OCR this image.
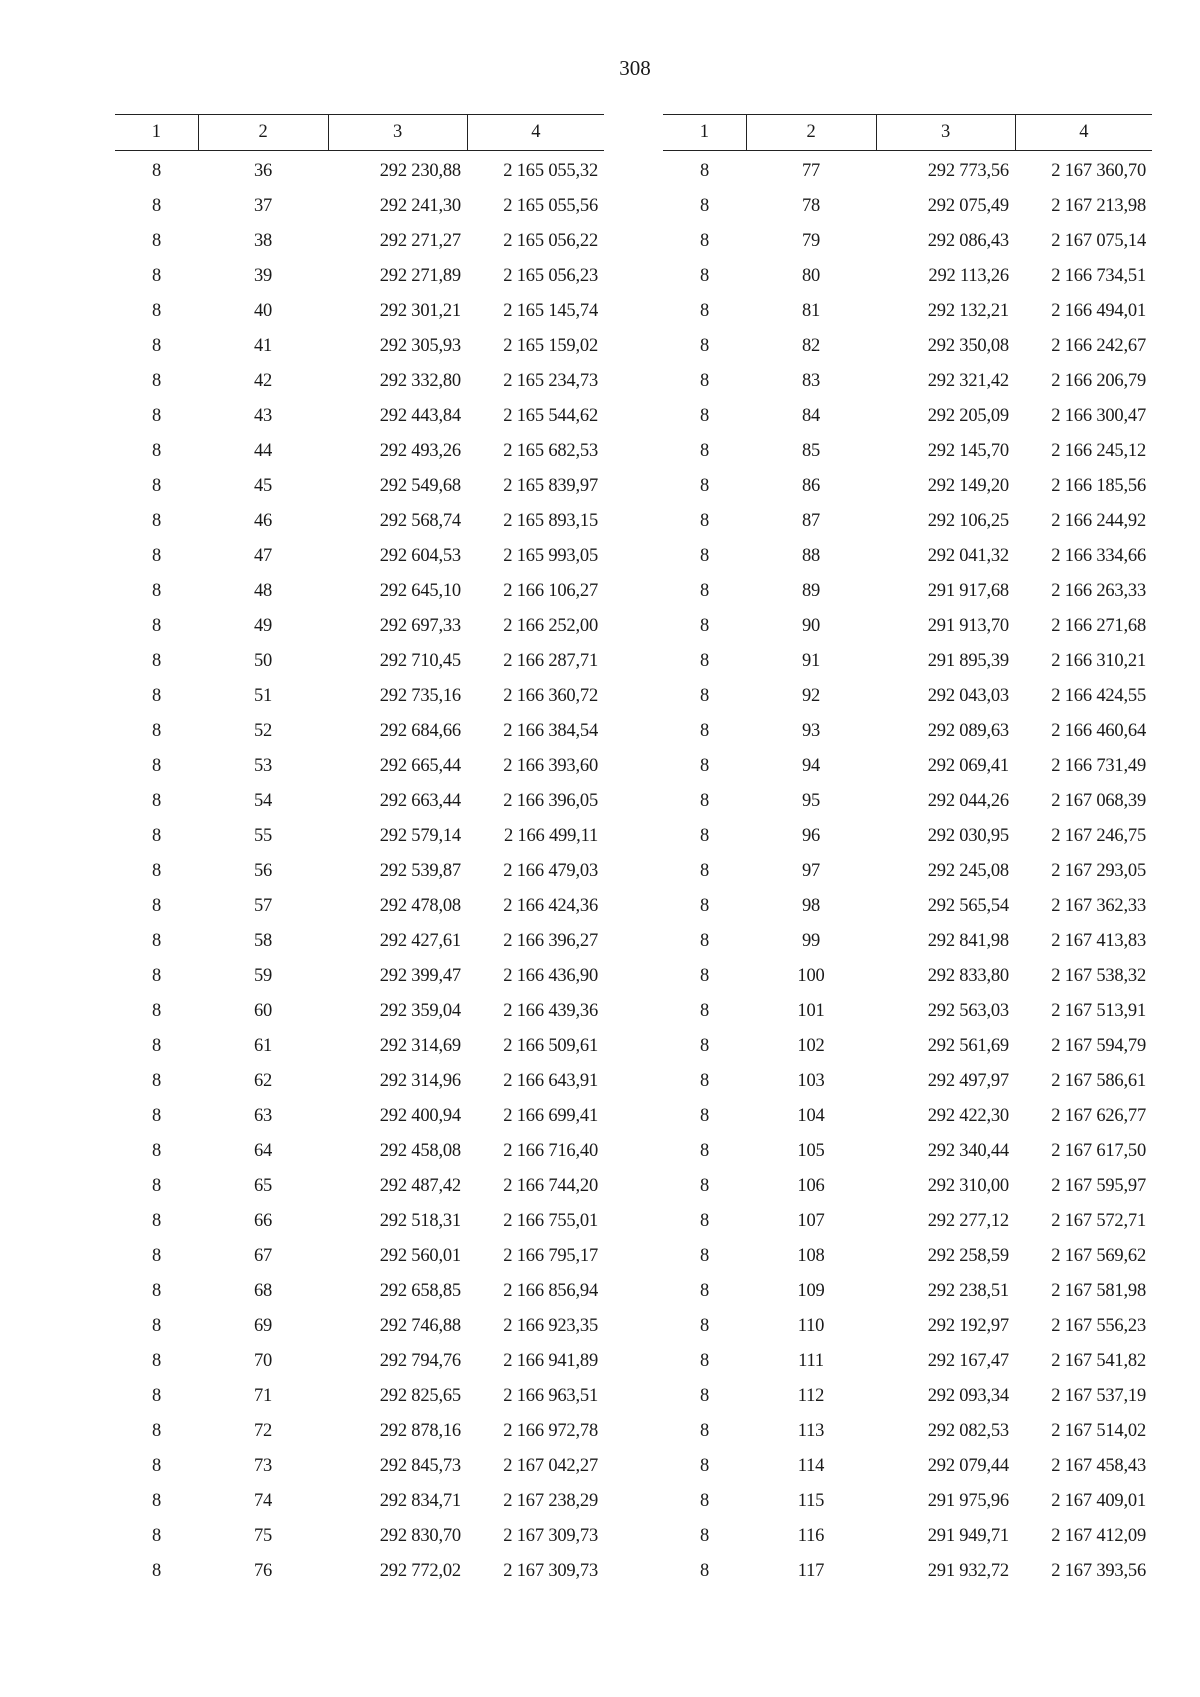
308
1	2	3	4
8	36	292 230,88	2 165 055,32
8	37	292 241,30	2 165 055,56
8	38	292 271,27	2 165 056,22
8	39	292 271,89	2 165 056,23
8	40	292 301,21	2 165 145,74
8	41	292 305,93	2 165 159,02
8	42	292 332,80	2 165 234,73
8	43	292 443,84	2 165 544,62
8	44	292 493,26	2 165 682,53
8	45	292 549,68	2 165 839,97
8	46	292 568,74	2 165 893,15
8	47	292 604,53	2 165 993,05
8	48	292 645,10	2 166 106,27
8	49	292 697,33	2 166 252,00
8	50	292 710,45	2 166 287,71
8	51	292 735,16	2 166 360,72
8	52	292 684,66	2 166 384,54
8	53	292 665,44	2 166 393,60
8	54	292 663,44	2 166 396,05
8	55	292 579,14	2 166 499,11
8	56	292 539,87	2 166 479,03
8	57	292 478,08	2 166 424,36
8	58	292 427,61	2 166 396,27
8	59	292 399,47	2 166 436,90
8	60	292 359,04	2 166 439,36
8	61	292 314,69	2 166 509,61
8	62	292 314,96	2 166 643,91
8	63	292 400,94	2 166 699,41
8	64	292 458,08	2 166 716,40
8	65	292 487,42	2 166 744,20
8	66	292 518,31	2 166 755,01
8	67	292 560,01	2 166 795,17
8	68	292 658,85	2 166 856,94
8	69	292 746,88	2 166 923,35
8	70	292 794,76	2 166 941,89
8	71	292 825,65	2 166 963,51
8	72	292 878,16	2 166 972,78
8	73	292 845,73	2 167 042,27
8	74	292 834,71	2 167 238,29
8	75	292 830,70	2 167 309,73
8	76	292 772,02	2 167 309,73
1	2	3	4
8	77	292 773,56	2 167 360,70
8	78	292 075,49	2 167 213,98
8	79	292 086,43	2 167 075,14
8	80	292 113,26	2 166 734,51
8	81	292 132,21	2 166 494,01
8	82	292 350,08	2 166 242,67
8	83	292 321,42	2 166 206,79
8	84	292 205,09	2 166 300,47
8	85	292 145,70	2 166 245,12
8	86	292 149,20	2 166 185,56
8	87	292 106,25	2 166 244,92
8	88	292 041,32	2 166 334,66
8	89	291 917,68	2 166 263,33
8	90	291 913,70	2 166 271,68
8	91	291 895,39	2 166 310,21
8	92	292 043,03	2 166 424,55
8	93	292 089,63	2 166 460,64
8	94	292 069,41	2 166 731,49
8	95	292 044,26	2 167 068,39
8	96	292 030,95	2 167 246,75
8	97	292 245,08	2 167 293,05
8	98	292 565,54	2 167 362,33
8	99	292 841,98	2 167 413,83
8	100	292 833,80	2 167 538,32
8	101	292 563,03	2 167 513,91
8	102	292 561,69	2 167 594,79
8	103	292 497,97	2 167 586,61
8	104	292 422,30	2 167 626,77
8	105	292 340,44	2 167 617,50
8	106	292 310,00	2 167 595,97
8	107	292 277,12	2 167 572,71
8	108	292 258,59	2 167 569,62
8	109	292 238,51	2 167 581,98
8	110	292 192,97	2 167 556,23
8	111	292 167,47	2 167 541,82
8	112	292 093,34	2 167 537,19
8	113	292 082,53	2 167 514,02
8	114	292 079,44	2 167 458,43
8	115	291 975,96	2 167 409,01
8	116	291 949,71	2 167 412,09
8	117	291 932,72	2 167 393,56
